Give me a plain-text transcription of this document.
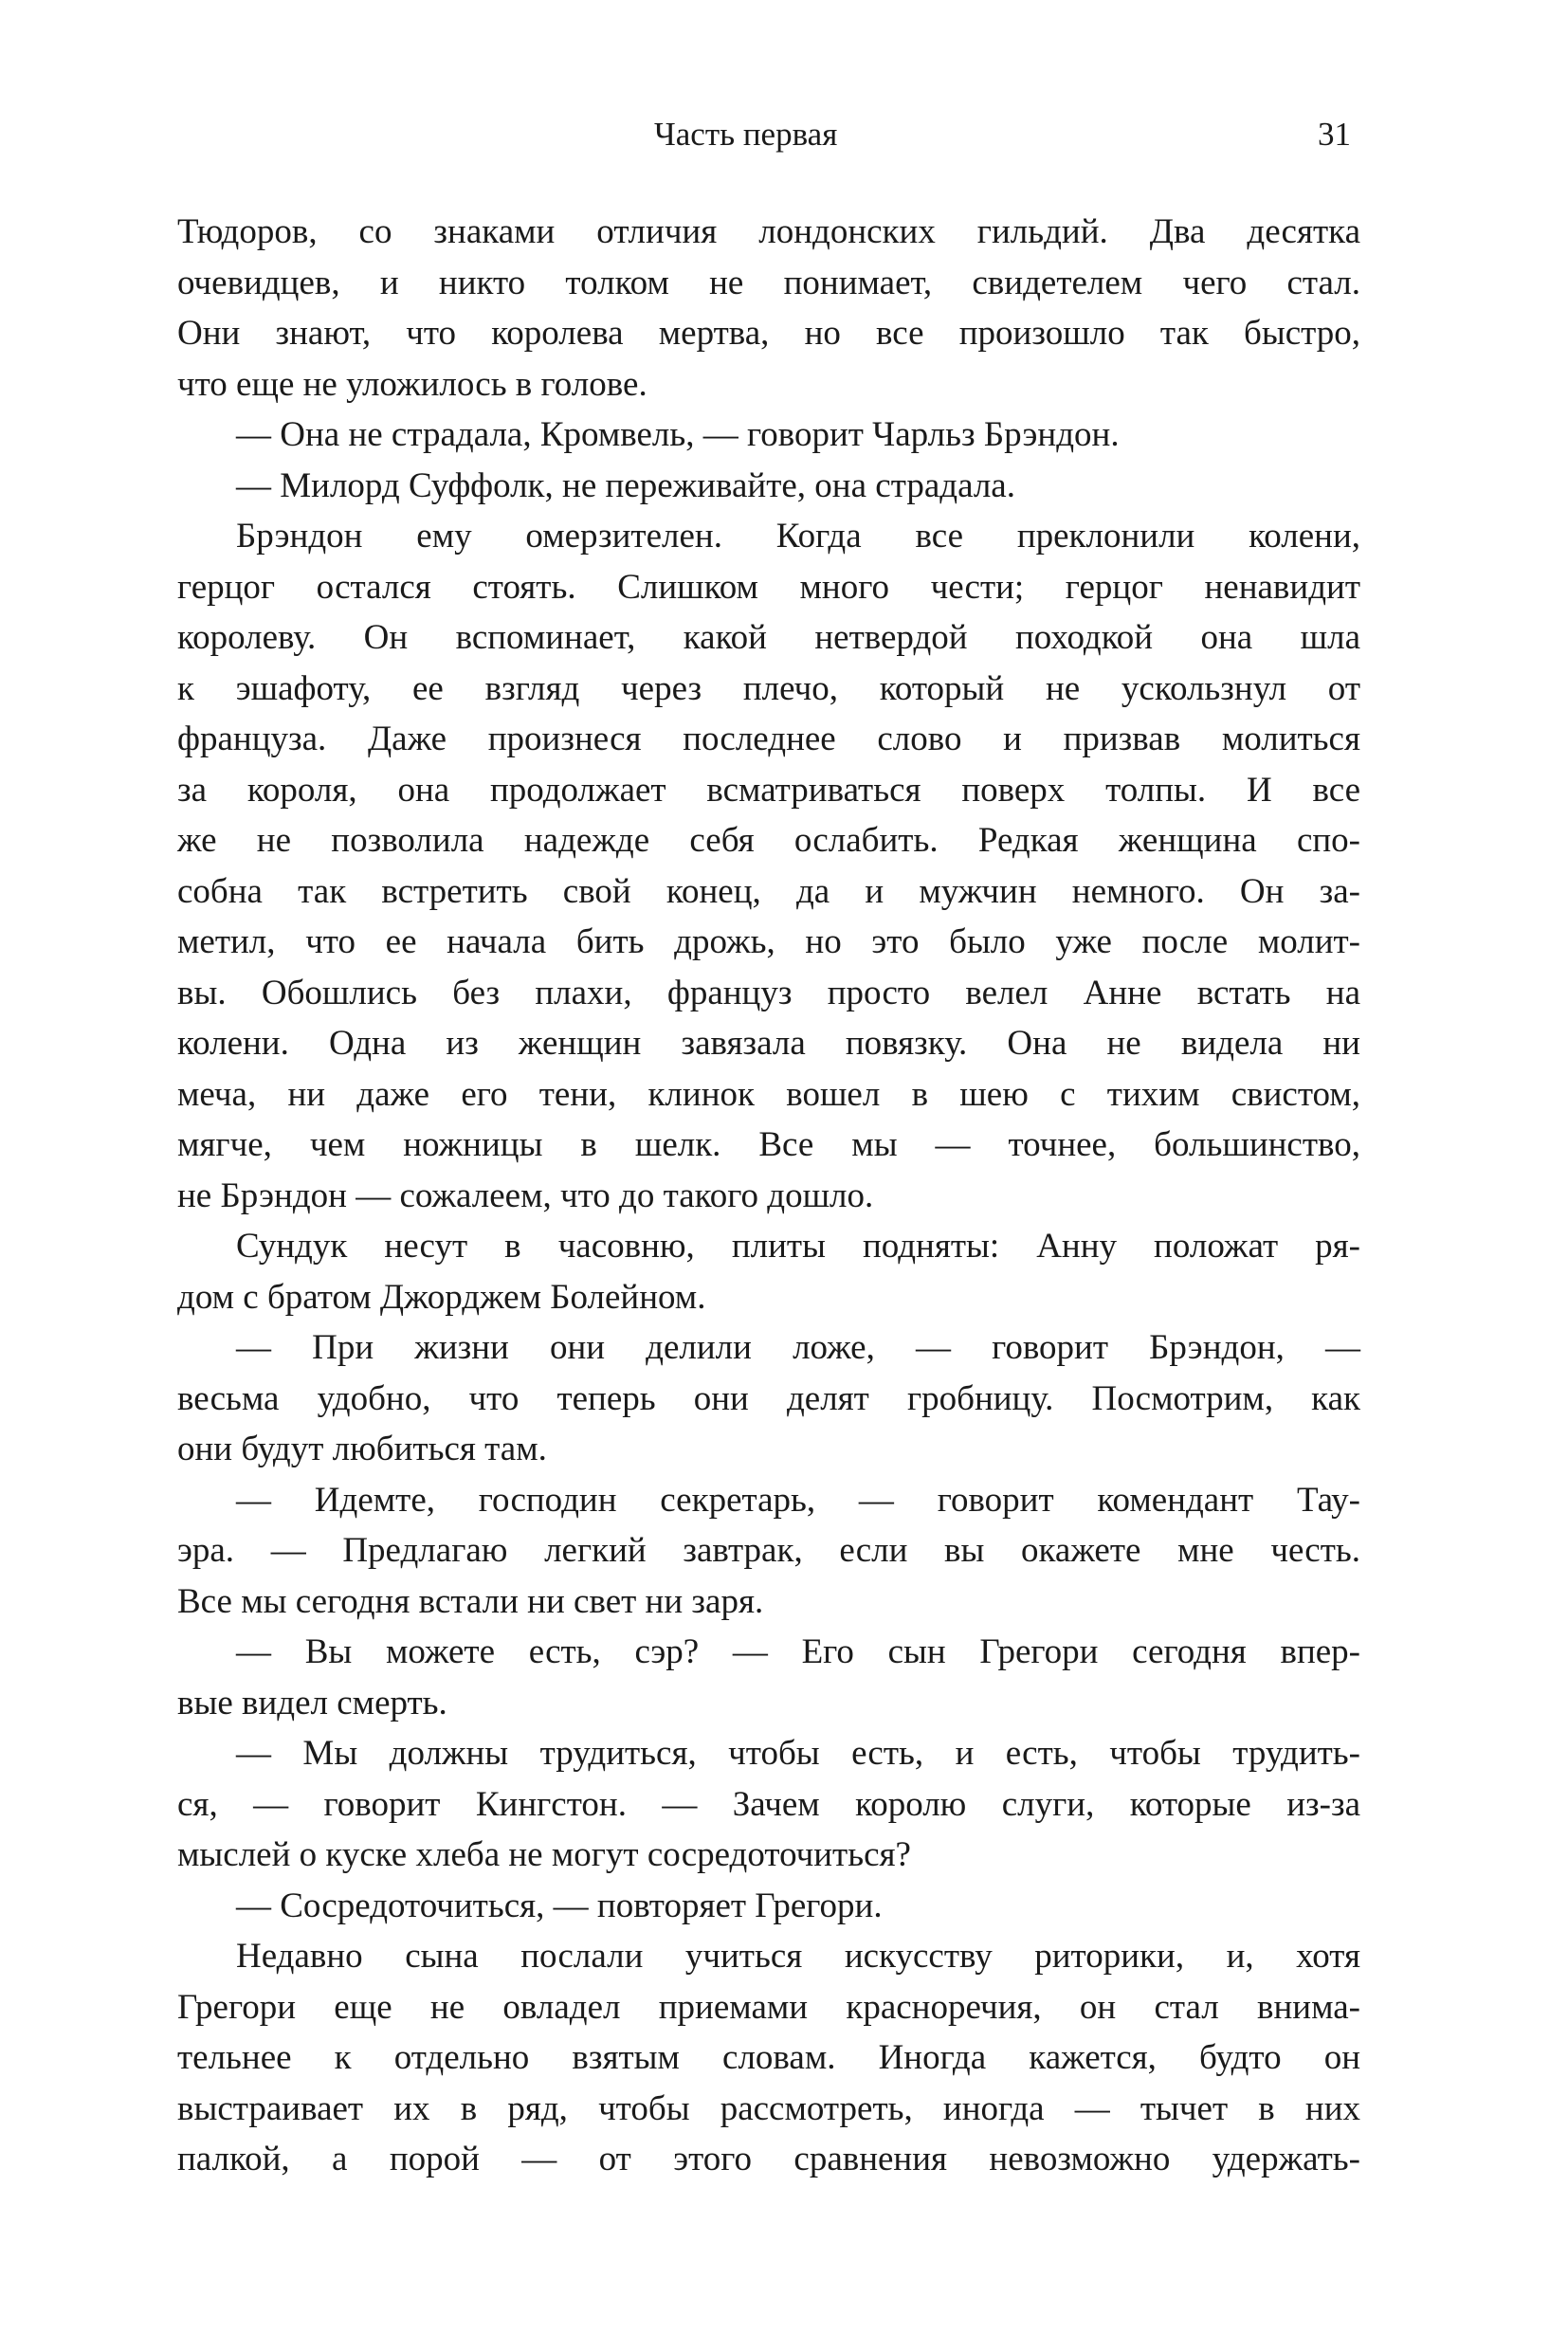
Часть первая	31
Тюдоров, со знаками отличия лондонских гильдий. Два десятка
очевидцев, и никто толком не понимает, свидетелем чего стал.
Они знают, что королева мертва, но все произошло так быстро,
что еще не уложилось в голове.
— Она не страдала, Кромвель, — говорит Чарльз Брэндон.
— Милорд Суффолк, не переживайте, она страдала.
Брэндон ему омерзителен. Когда все преклонили колени,
герцог остался стоять. Слишком много чести; герцог ненавидит
королеву. Он вспоминает, какой нетвердой походкой она шла
к эшафоту, ее взгляд через плечо, который не ускользнул от
француза. Даже произнеся последнее слово и призвав молиться
за короля, она продолжает всматриваться поверх толпы. И все
же не позволила надежде себя ослабить. Редкая женщина спо-
собна так встретить свой конец, да и мужчин немного. Он за-
метил, что ее начала бить дрожь, но это было уже после молит-
вы. Обошлись без плахи, француз просто велел Анне встать на
колени. Одна из женщин завязала повязку. Она не видела ни
меча, ни даже его тени, клинок вошел в шею с тихим свистом,
мягче, чем ножницы в шелк. Все мы — точнее, большинство,
не Брэндон — сожалеем, что до такого дошло.
Сундук несут в часовню, плиты подняты: Анну положат ря-
дом с братом Джорджем Болейном.
— При жизни они делили ложе, — говорит Брэндон, —
весьма удобно, что теперь они делят гробницу. Посмотрим, как
они будут любиться там.
— Идемте, господин секретарь, — говорит комендант Тау-
эра. — Предлагаю легкий завтрак, если вы окажете мне честь.
Все мы сегодня встали ни свет ни заря.
— Вы можете есть, сэр? — Его сын Грегори сегодня впер-
вые видел смерть.
— Мы должны трудиться, чтобы есть, и есть, чтобы трудить-
ся, — говорит Кингстон. — Зачем королю слуги, которые из-за
мыслей о куске хлеба не могут сосредоточиться?
— Сосредоточиться, — повторяет Грегори.
Недавно сына послали учиться искусству риторики, и, хотя
Грегори еще не овладел приемами красноречия, он стал внима-
тельнее к отдельно взятым словам. Иногда кажется, будто он
выстраивает их в ряд, чтобы рассмотреть, иногда — тычет в них
палкой, а порой — от этого сравнения невозможно удержать-
